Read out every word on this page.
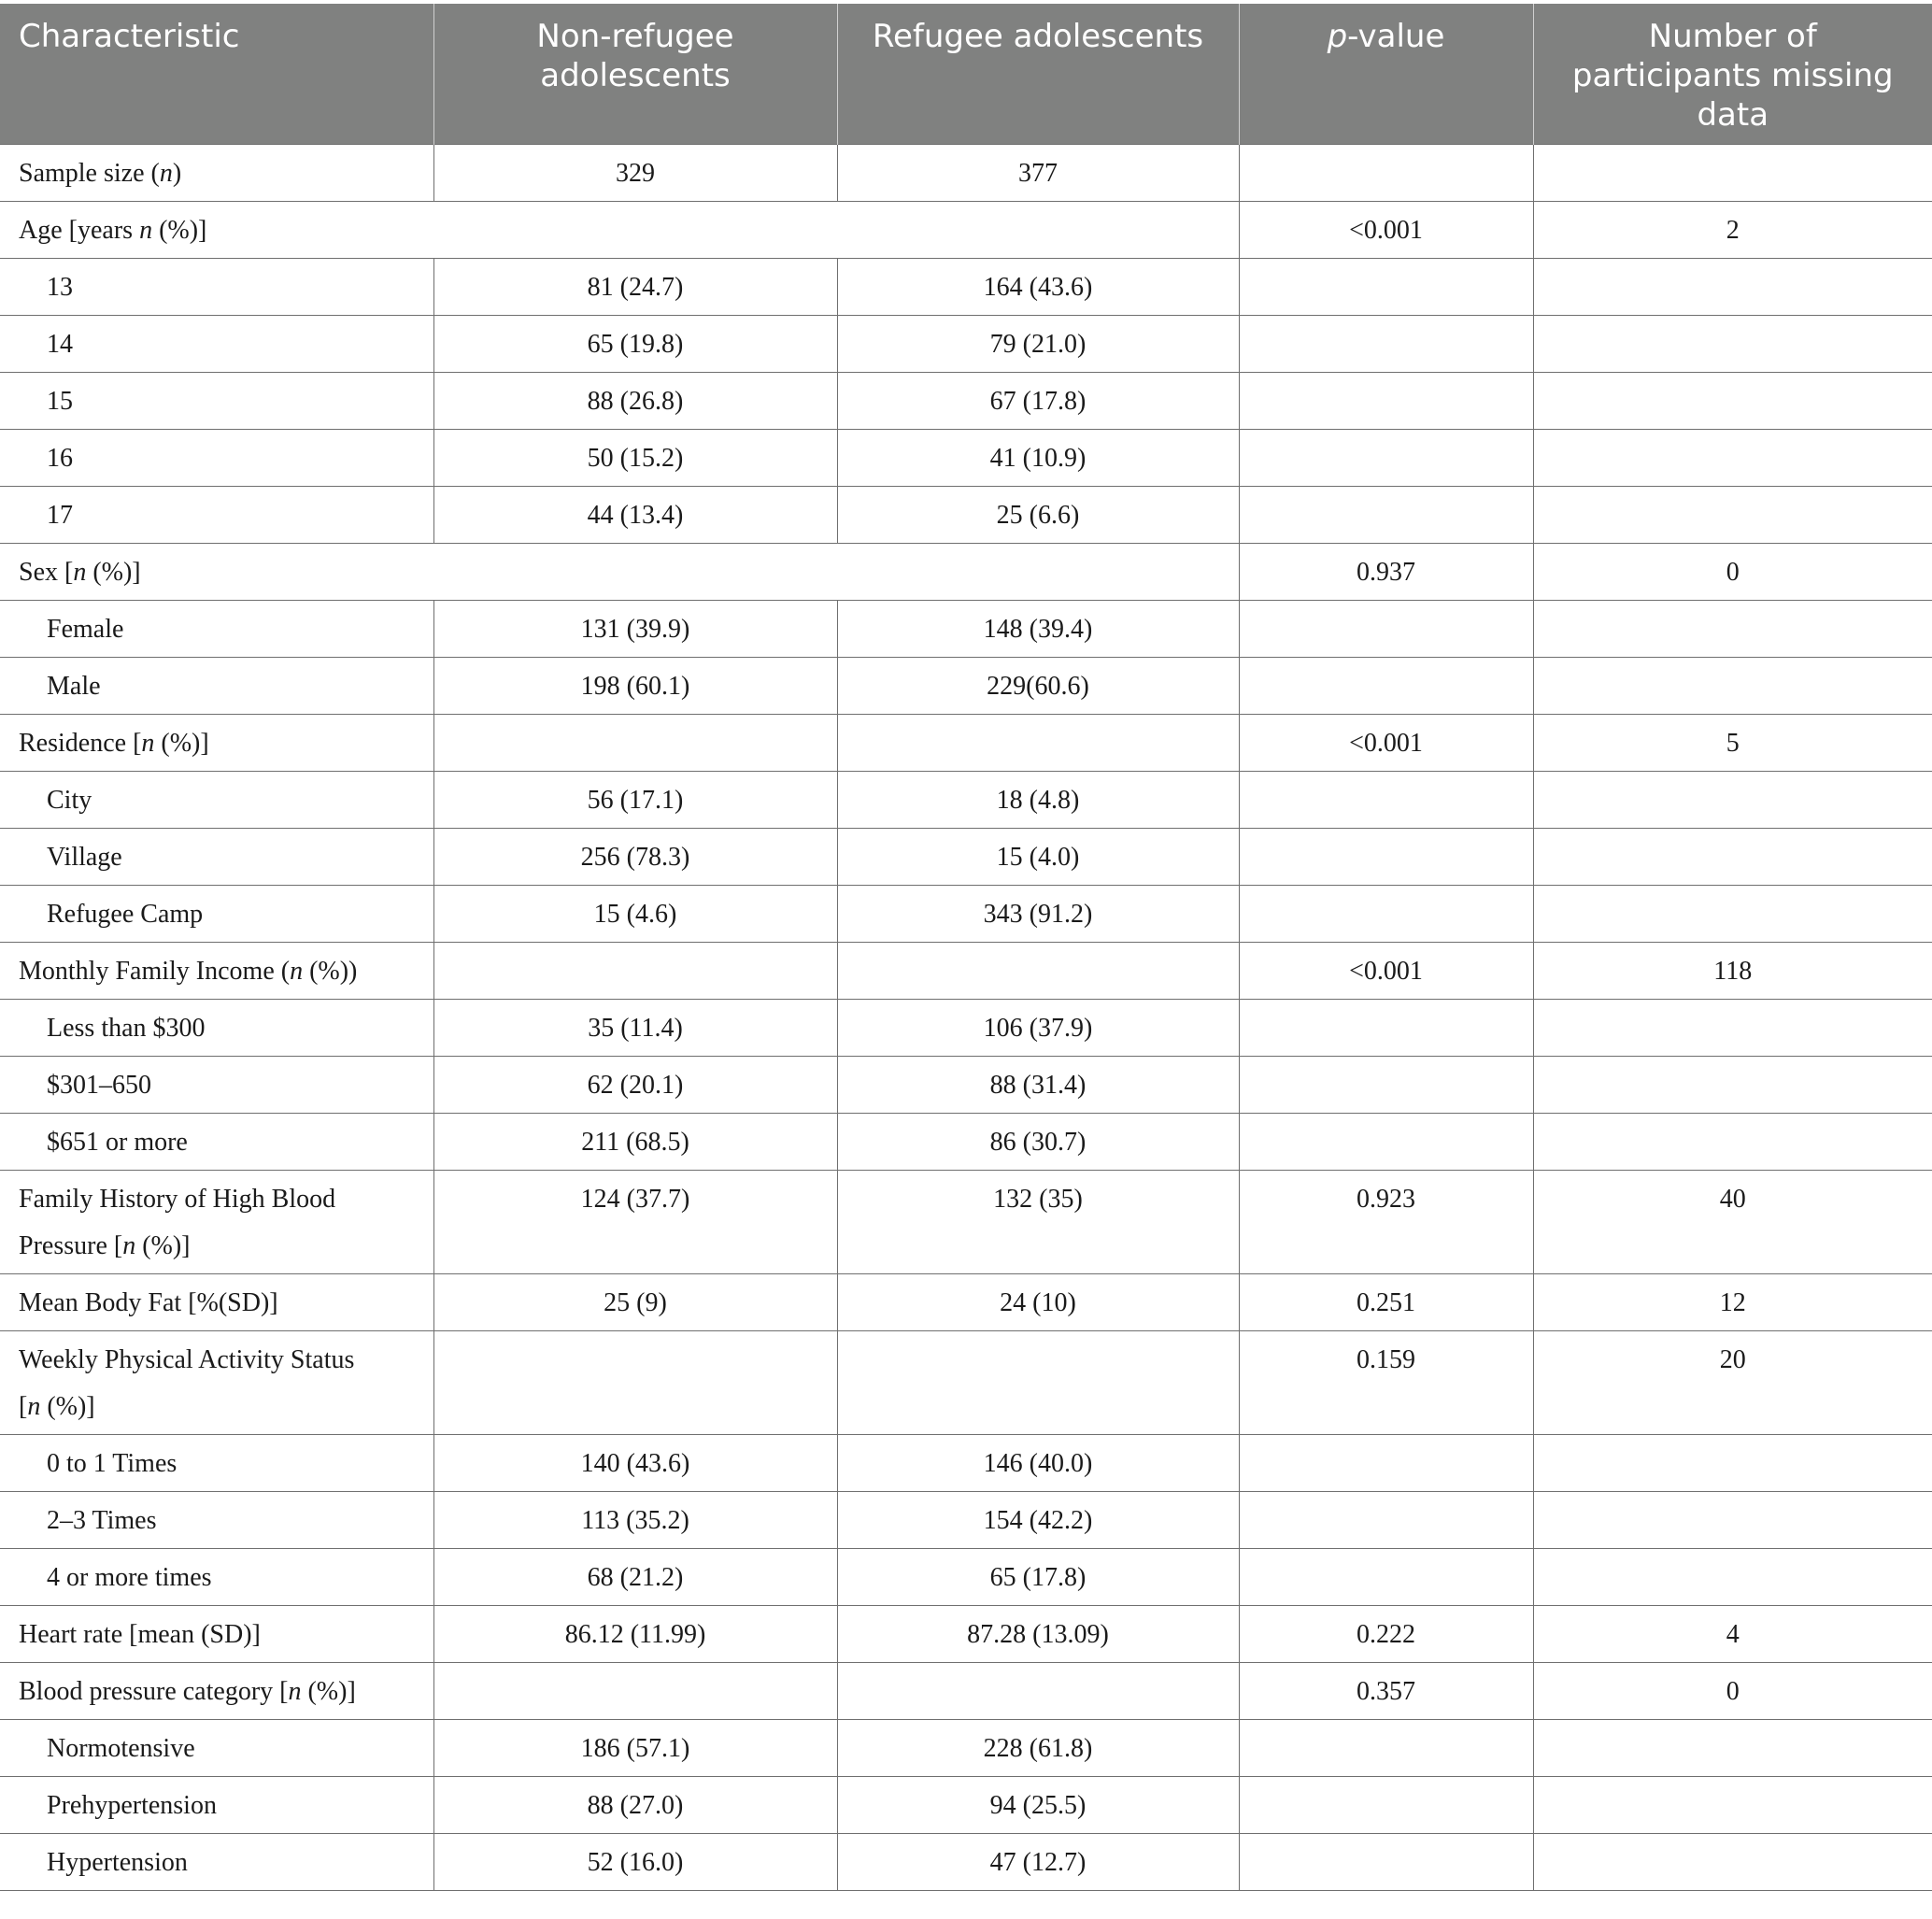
Characteristic	Non-refugee adolescents	Refugee adolescents	p-value	Number of participants missing data
Sample size (n)	329	377		
Age [years n (%)]			<0.001	2
13	81 (24.7)	164 (43.6)		
14	65 (19.8)	79 (21.0)		
15	88 (26.8)	67 (17.8)		
16	50 (15.2)	41 (10.9)		
17	44 (13.4)	25 (6.6)		
Sex [n (%)]			0.937	0
Female	131 (39.9)	148 (39.4)		
Male	198 (60.1)	229(60.6)		
Residence [n (%)]			<0.001	5
City	56 (17.1)	18 (4.8)		
Village	256 (78.3)	15 (4.0)		
Refugee Camp	15 (4.6)	343 (91.2)		
Monthly Family Income (n (%))			<0.001	118
Less than $300	35 (11.4)	106 (37.9)		
$301–650	62 (20.1)	88 (31.4)		
$651 or more	211 (68.5)	86 (30.7)		
Family History of High Blood
Pressure [n (%)]	124 (37.7)	132 (35)	0.923	40
Mean Body Fat [%(SD)]	25 (9)	24 (10)	0.251	12
Weekly Physical Activity Status
[n (%)]			0.159	20
0 to 1 Times	140 (43.6)	146 (40.0)		
2–3 Times	113 (35.2)	154 (42.2)		
4 or more times	68 (21.2)	65 (17.8)		
Heart rate [mean (SD)]	86.12 (11.99)	87.28 (13.09)	0.222	4
Blood pressure category [n (%)]			0.357	0
Normotensive	186 (57.1)	228 (61.8)		
Prehypertension	88 (27.0)	94 (25.5)		
Hypertension	52 (16.0)	47 (12.7)		
